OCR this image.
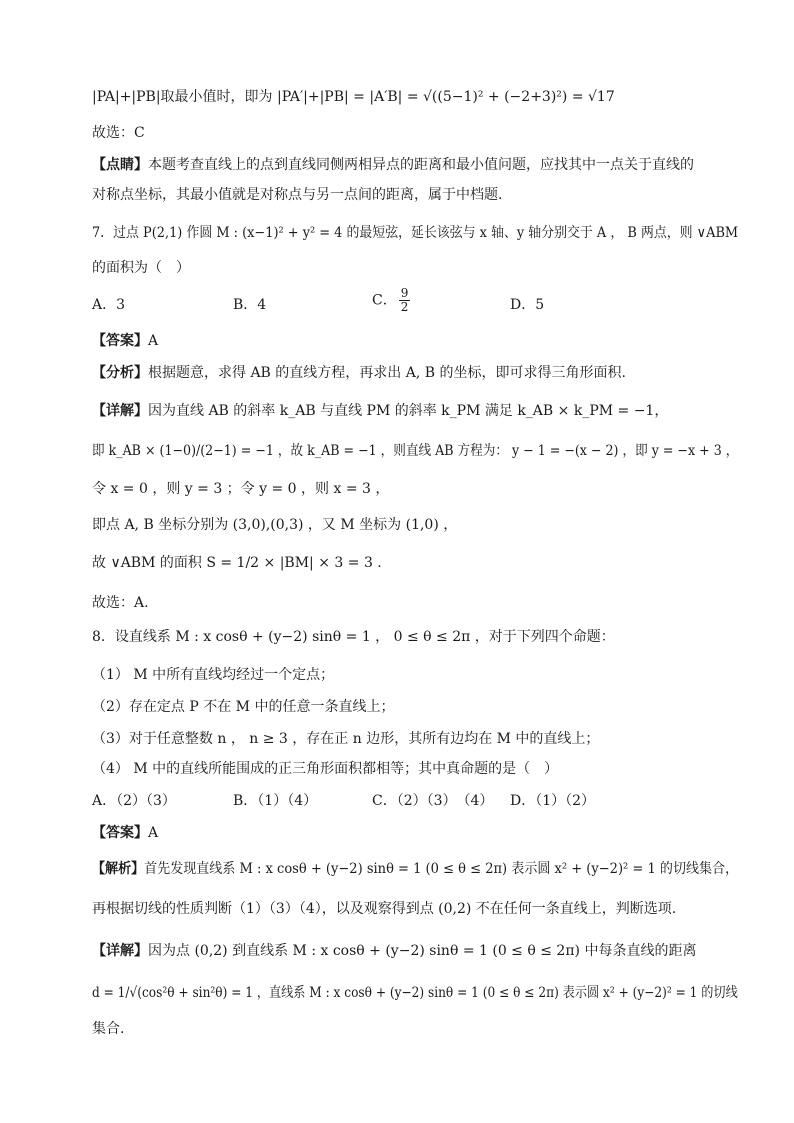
|PA|+|PB|取最小值时，即为 |PA′|+|PB| = |A′B| = √((5−1)² + (−2+3)²) = √17
故选：C
【点睛】本题考查直线上的点到直线同侧两相异点的距离和最小值问题，应找其中一点关于直线的
对称点坐标，其最小值就是对称点与另一点间的距离，属于中档题.
7．过点 P(2,1) 作圆 M : (x−1)² + y² = 4 的最短弦，延长该弦与 x 轴、y 轴分别交于 A ， B 两点，则 ∨ABM
的面积为（　）
A．3	B．4	C． $\frac{9}{2}$	D．5
【答案】A
【分析】根据题意，求得 AB 的直线方程，再求出 A, B 的坐标，即可求得三角形面积.
【详解】因为直线 AB 的斜率 k_AB 与直线 PM 的斜率 k_PM 满足 k_AB × k_PM = −1，
即 k_AB × (1−0)/(2−1) = −1 ，故 k_AB = −1 ，则直线 AB 方程为： y − 1 = −(x − 2) ，即 y = −x + 3 ，
令 x = 0 ，则 y = 3 ；令 y = 0 ，则 x = 3 ，
即点 A, B 坐标分别为 (3,0),(0,3) ，又 M 坐标为 (1,0) ，
故 ∨ABM 的面积 S = 1/2 × |BM| × 3 = 3 .
故选：A.
8．设直线系 M : x cosθ + (y−2) sinθ = 1 ， 0 ≤ θ ≤ 2π ，对于下列四个命题：
（1） M 中所有直线均经过一个定点；
（2）存在定点 P 不在 M 中的任意一条直线上；
（3）对于任意整数 n ， n ≥ 3 ，存在正 n 边形，其所有边均在 M 中的直线上；
（4） M 中的直线所能围成的正三角形面积都相等；其中真命题的是（　）
A．（2）（3）	B．（1）（4）	C．（2）（3）　（4） D．（1）（2）
【答案】A
【解析】首先发现直线系 M : x cosθ + (y−2) sinθ = 1 (0 ≤ θ ≤ 2π) 表示圆 x² + (y−2)² = 1 的切线集合，
再根据切线的性质判断（1）（3）（4），以及观察得到点 (0,2) 不在任何一条直线上，判断选项.
【详解】因为点 (0,2) 到直线系 M : x cosθ + (y−2) sinθ = 1 (0 ≤ θ ≤ 2π) 中每条直线的距离
d = 1/√(cos²θ + sin²θ) = 1 ，直线系 M : x cosθ + (y−2) sinθ = 1 (0 ≤ θ ≤ 2π) 表示圆 x² + (y−2)² = 1 的切线
集合.
